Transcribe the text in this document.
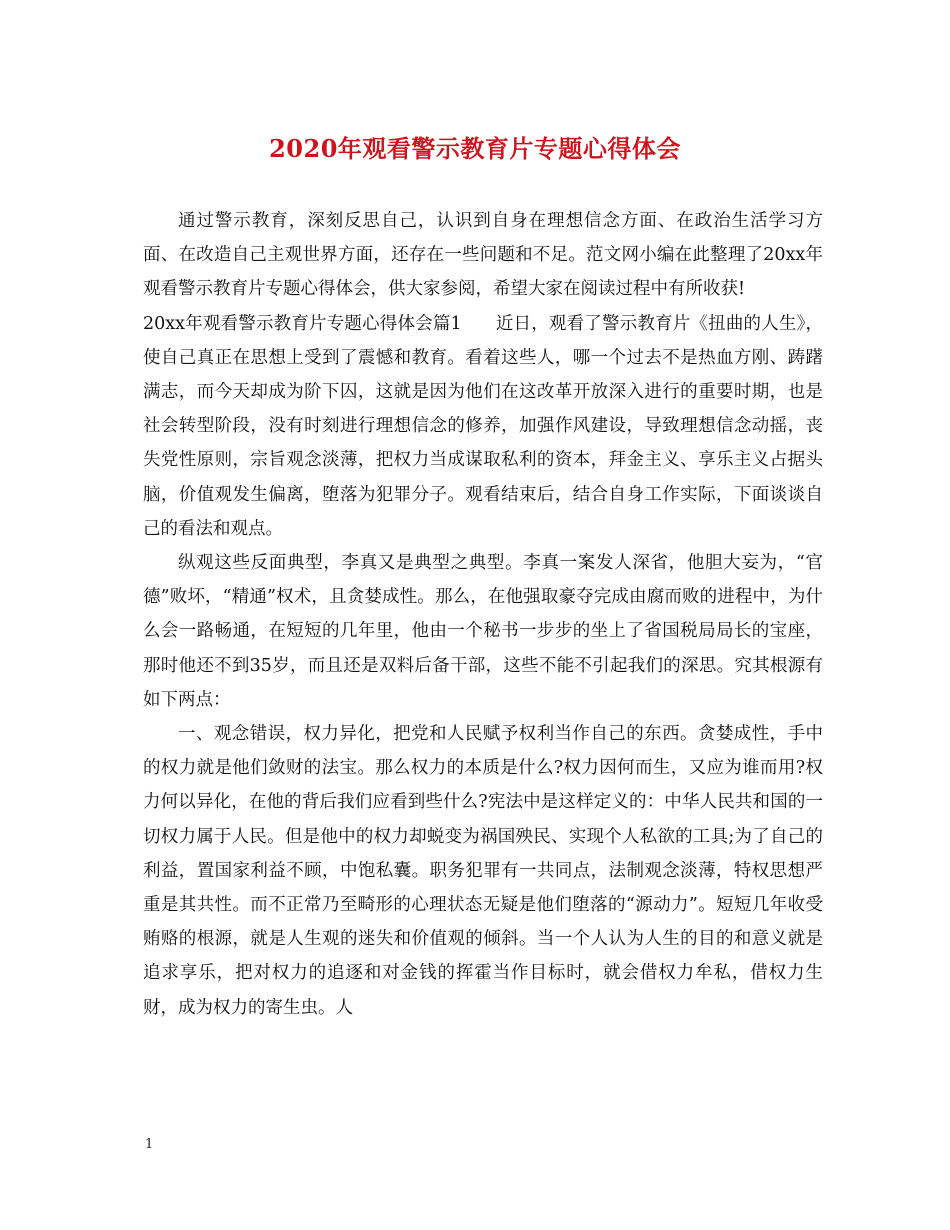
2020年观看警示教育片专题心得体会

通过警示教育，深刻反思自己，认识到自身在理想信念方面、在政治生活学习方面、在改造自己主观世界方面，还存在一些问题和不足。范文网小编在此整理了20xx年观看警示教育片专题心得体会，供大家参阅，希望大家在阅读过程中有所收获!

20xx年观看警示教育片专题心得体会篇1 近日，观看了警示教育片《扭曲的人生》，使自己真正在思想上受到了震憾和教育。看着这些人，哪一个过去不是热血方刚、踌躇满志，而今天却成为阶下囚，这就是因为他们在这改革开放深入进行的重要时期，也是社会转型阶段，没有时刻进行理想信念的修养，加强作风建设，导致理想信念动摇，丧失党性原则，宗旨观念淡薄，把权力当成谋取私利的资本，拜金主义、享乐主义占据头脑，价值观发生偏离，堕落为犯罪分子。观看结束后，结合自身工作实际，下面谈谈自己的看法和观点。

纵观这些反面典型，李真又是典型之典型。李真一案发人深省，他胆大妄为，“官德”败坏，“精通”权术，且贪婪成性。那么，在他强取豪夺完成由腐而败的进程中，为什么会一路畅通，在短短的几年里，他由一个秘书一步步的坐上了省国税局局长的宝座，那时他还不到35岁，而且还是双料后备干部，这些不能不引起我们的深思。究其根源有如下两点：

一、观念错误，权力异化，把党和人民赋予权利当作自己的东西。贪婪成性，手中的权力就是他们敛财的法宝。那么权力的本质是什么?权力因何而生，又应为谁而用?权力何以异化，在他的背后我们应看到些什么?宪法中是这样定义的：中华人民共和国的一切权力属于人民。但是他中的权力却蜕变为祸国殃民、实现个人私欲的工具;为了自己的利益，置国家利益不顾，中饱私囊。职务犯罪有一共同点，法制观念淡薄，特权思想严重是其共性。而不正常乃至畸形的心理状态无疑是他们堕落的“源动力”。短短几年收受贿赂的根源，就是人生观的迷失和价值观的倾斜。当一个人认为人生的目的和意义就是追求享乐，把对权力的追逐和对金钱的挥霍当作目标时，就会借权力牟私，借权力生财，成为权力的寄生虫。人

1
